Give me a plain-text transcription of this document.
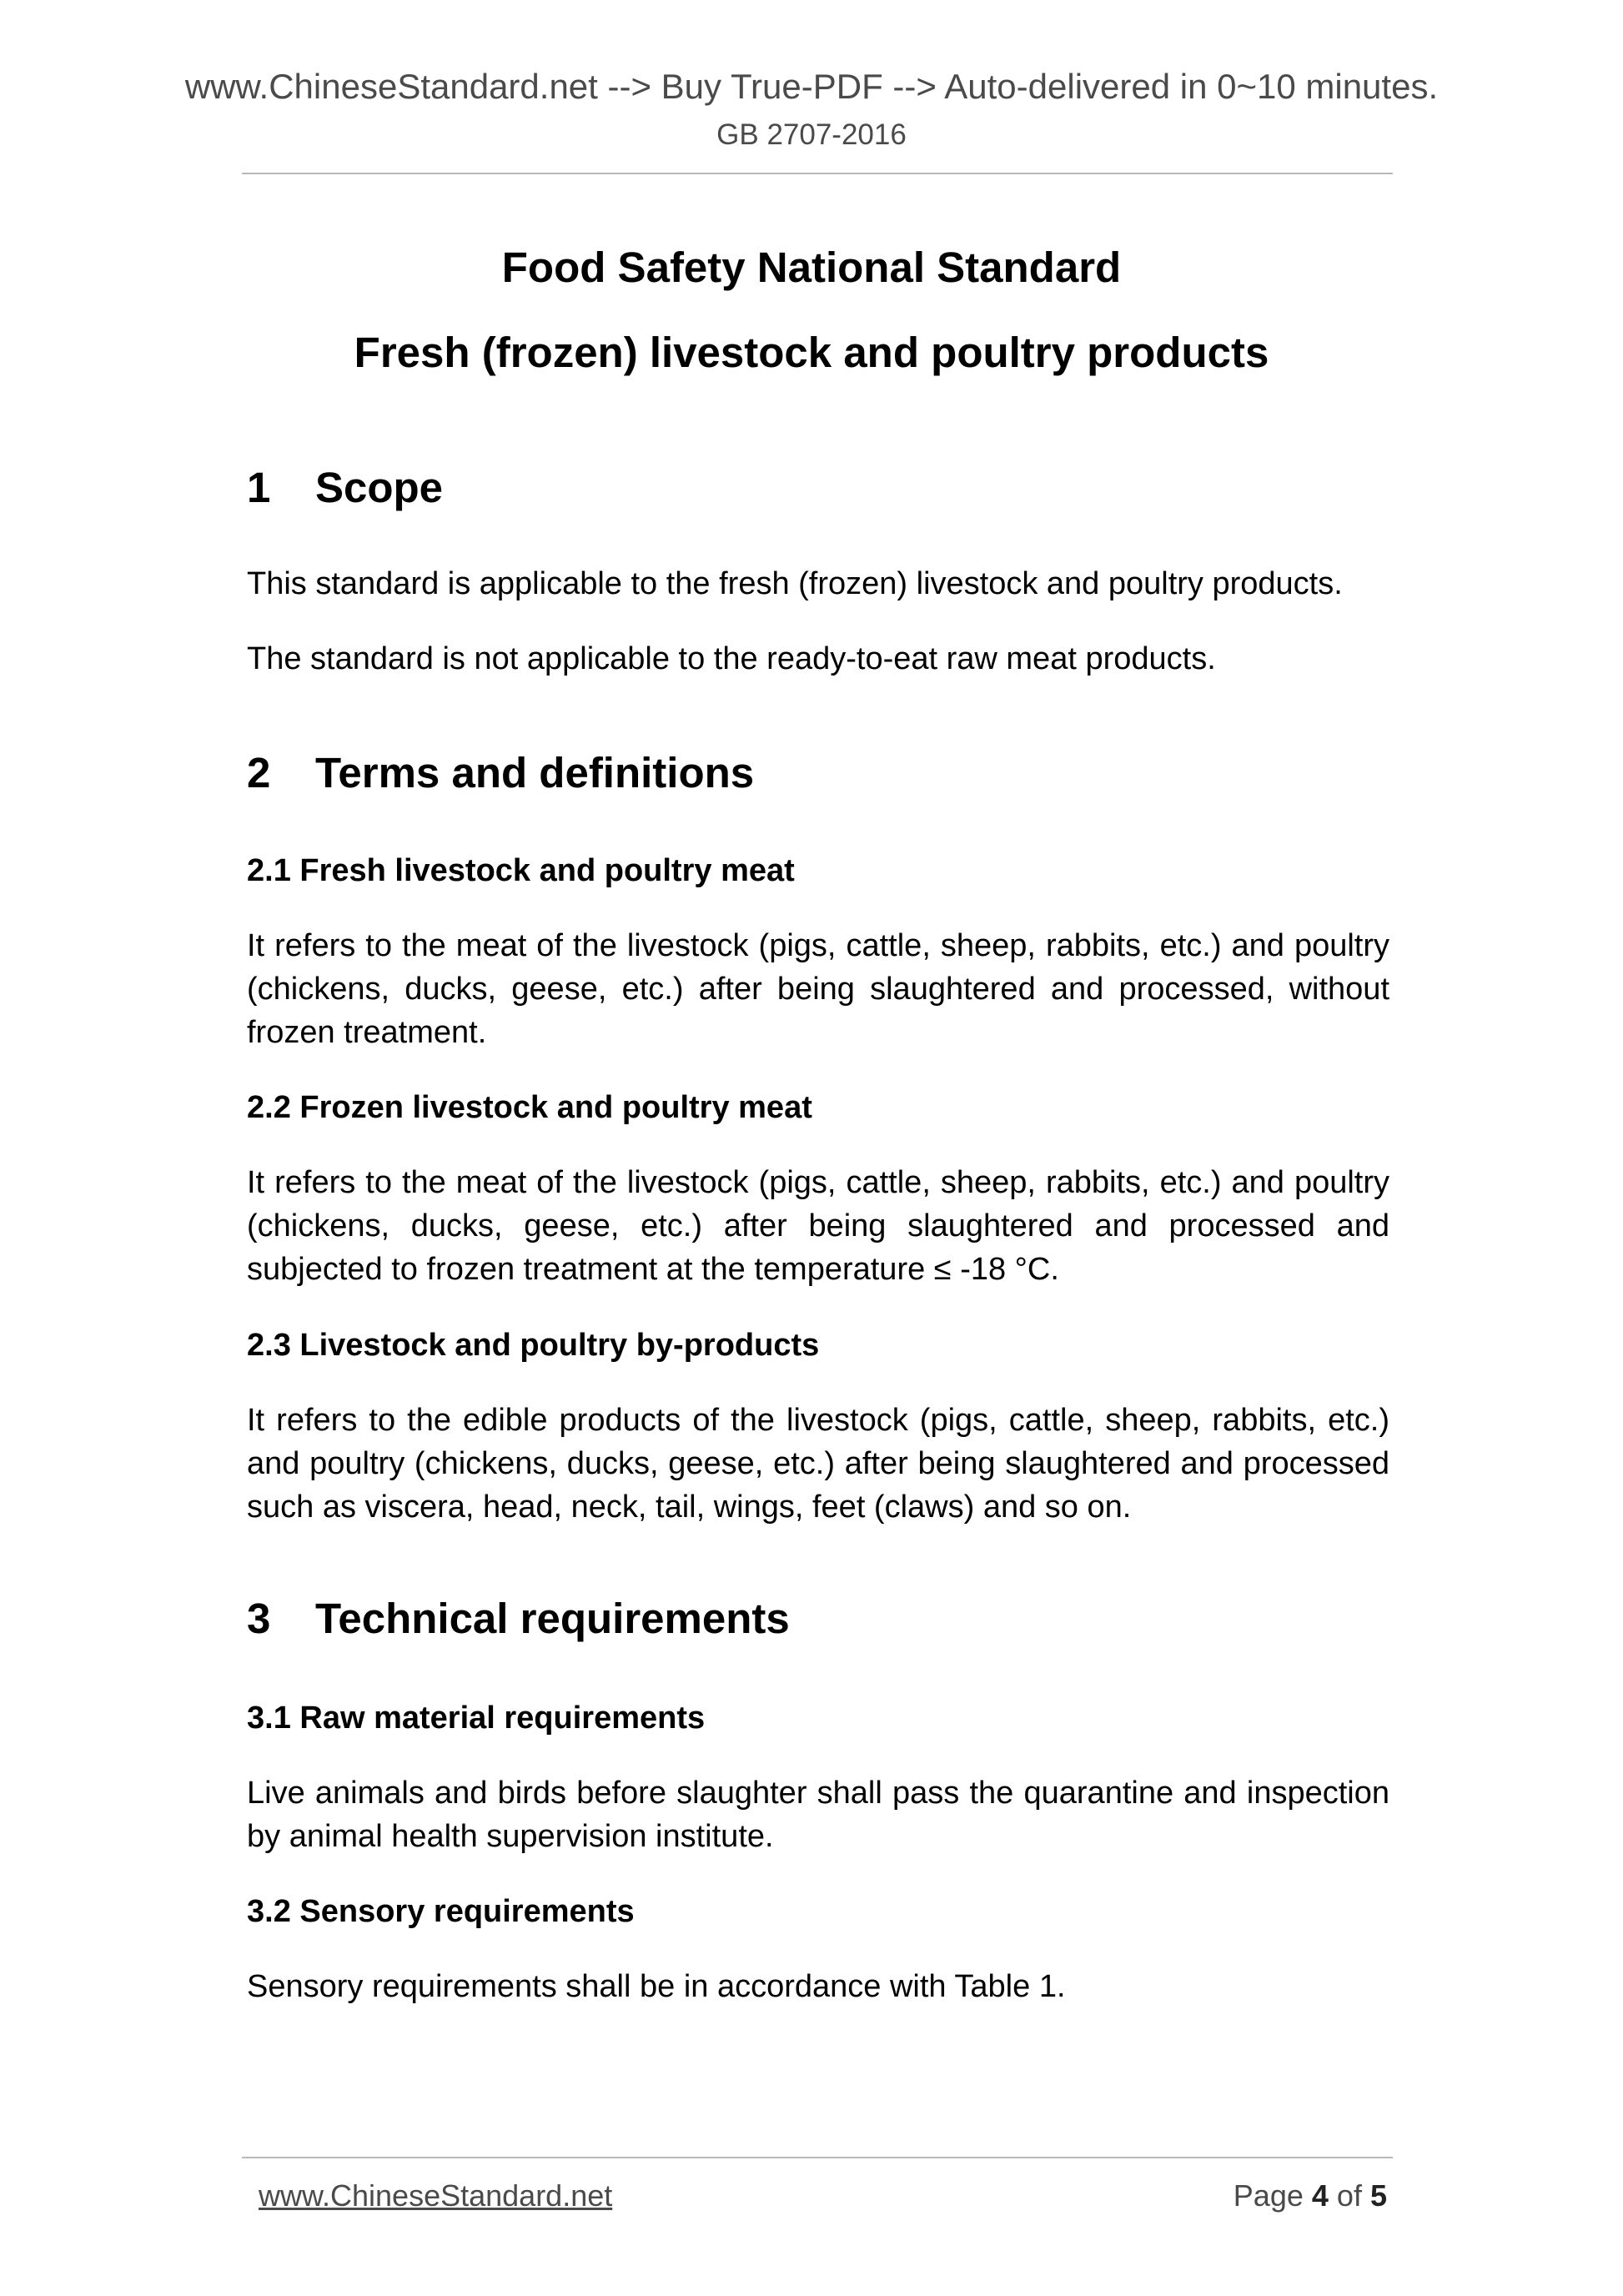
www.ChineseStandard.net --> Buy True-PDF --> Auto-delivered in 0~10 minutes.
GB 2707-2016
Food Safety National Standard
Fresh (frozen) livestock and poultry products
1 Scope
This standard is applicable to the fresh (frozen) livestock and poultry products.
The standard is not applicable to the ready-to-eat raw meat products.
2 Terms and definitions
2.1 Fresh livestock and poultry meat
It refers to the meat of the livestock (pigs, cattle, sheep, rabbits, etc.) and poultry (chickens, ducks, geese, etc.) after being slaughtered and processed, without frozen treatment.
2.2 Frozen livestock and poultry meat
It refers to the meat of the livestock (pigs, cattle, sheep, rabbits, etc.) and poultry (chickens, ducks, geese, etc.) after being slaughtered and processed and subjected to frozen treatment at the temperature ≤ -18 °C.
2.3 Livestock and poultry by-products
It refers to the edible products of the livestock (pigs, cattle, sheep, rabbits, etc.) and poultry (chickens, ducks, geese, etc.) after being slaughtered and processed such as viscera, head, neck, tail, wings, feet (claws) and so on.
3 Technical requirements
3.1 Raw material requirements
Live animals and birds before slaughter shall pass the quarantine and inspection by animal health supervision institute.
3.2 Sensory requirements
Sensory requirements shall be in accordance with Table 1.
www.ChineseStandard.net	Page 4 of 5
